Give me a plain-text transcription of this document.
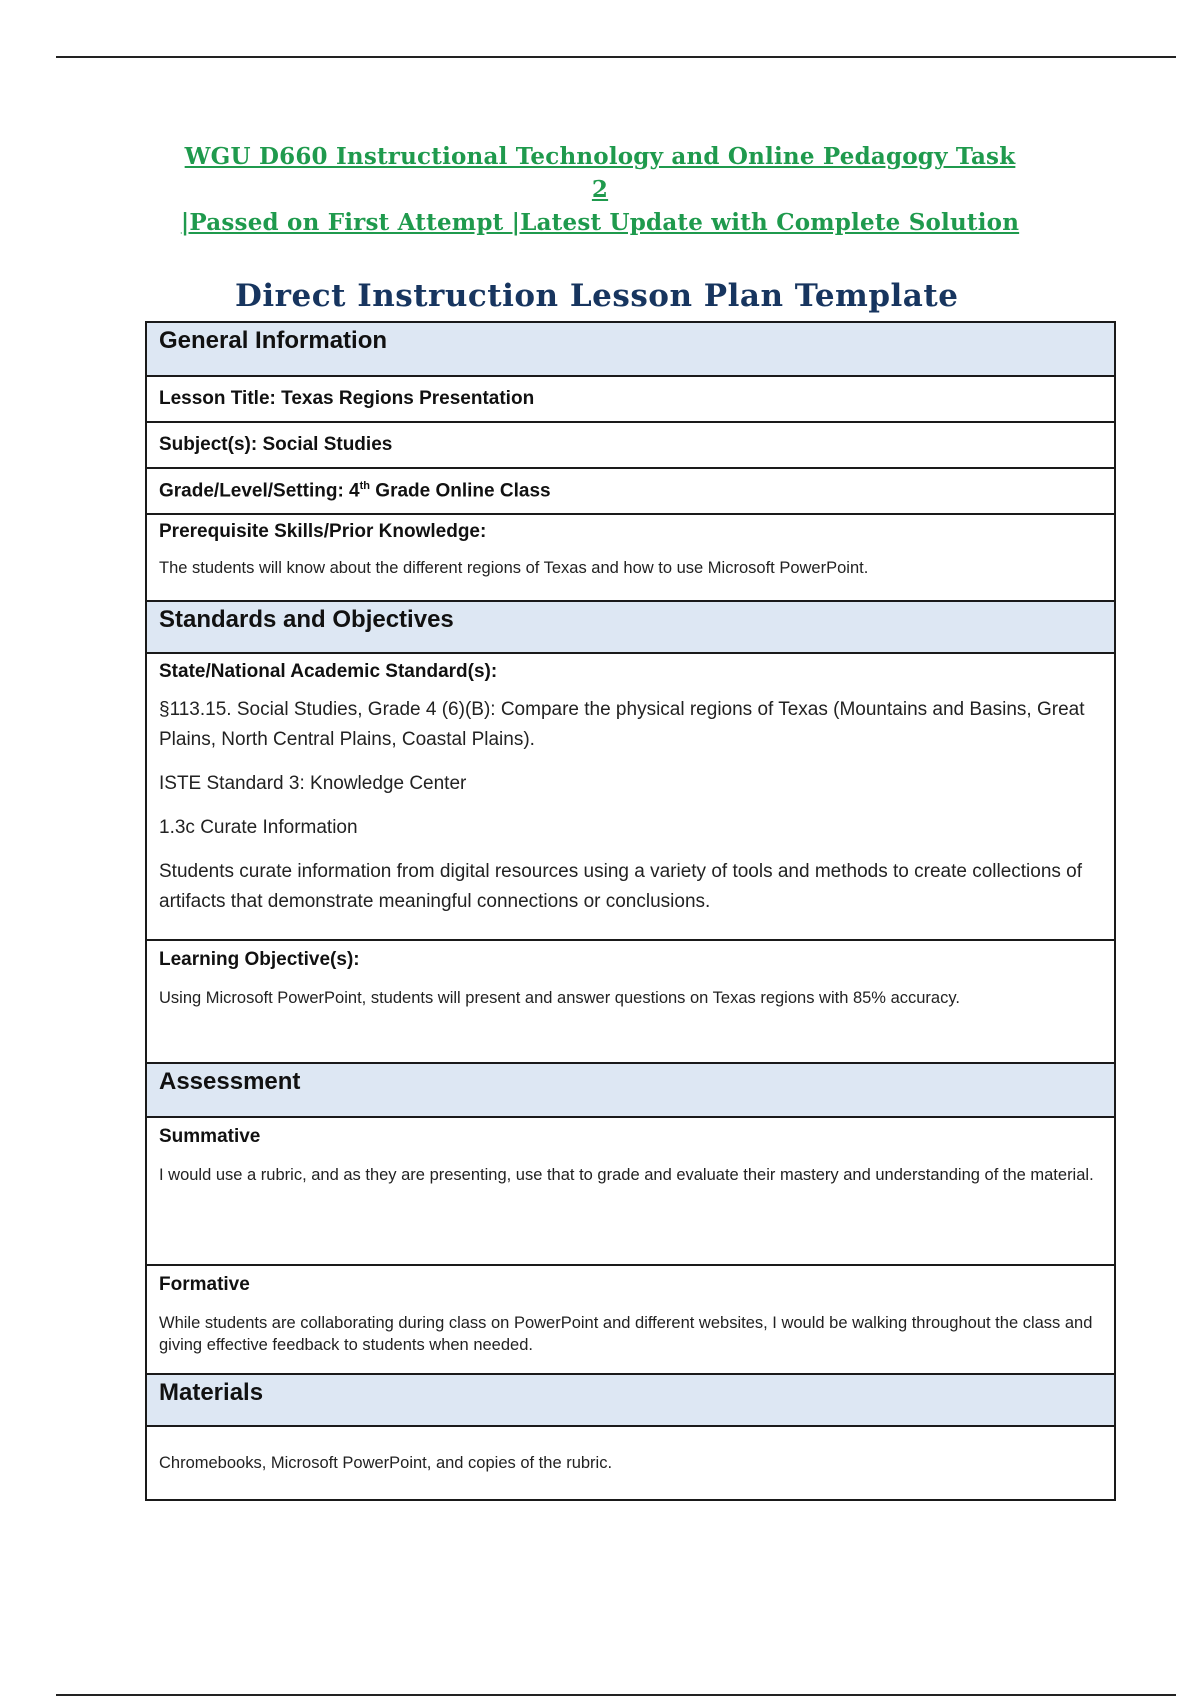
WGU D660 Instructional Technology and Online Pedagogy Task 2
|Passed on First Attempt |Latest Update with Complete Solution
Direct Instruction Lesson Plan Template
General Information
Lesson Title: Texas Regions Presentation
Subject(s): Social Studies
Grade/Level/Setting: 4th Grade Online Class
Prerequisite Skills/Prior Knowledge:
The students will know about the different regions of Texas and how to use Microsoft PowerPoint.
Standards and Objectives
State/National Academic Standard(s):
§113.15. Social Studies, Grade 4 (6)(B): Compare the physical regions of Texas (Mountains and Basins, Great Plains, North Central Plains, Coastal Plains).
ISTE Standard 3: Knowledge Center
1.3c Curate Information
Students curate information from digital resources using a variety of tools and methods to create collections of artifacts that demonstrate meaningful connections or conclusions.
Learning Objective(s):
Using Microsoft PowerPoint, students will present and answer questions on Texas regions with 85% accuracy.
Assessment
Summative
I would use a rubric, and as they are presenting, use that to grade and evaluate their mastery and understanding of the material.
Formative
While students are collaborating during class on PowerPoint and different websites, I would be walking throughout the class and giving effective feedback to students when needed.
Materials
Chromebooks, Microsoft PowerPoint, and copies of the rubric.
